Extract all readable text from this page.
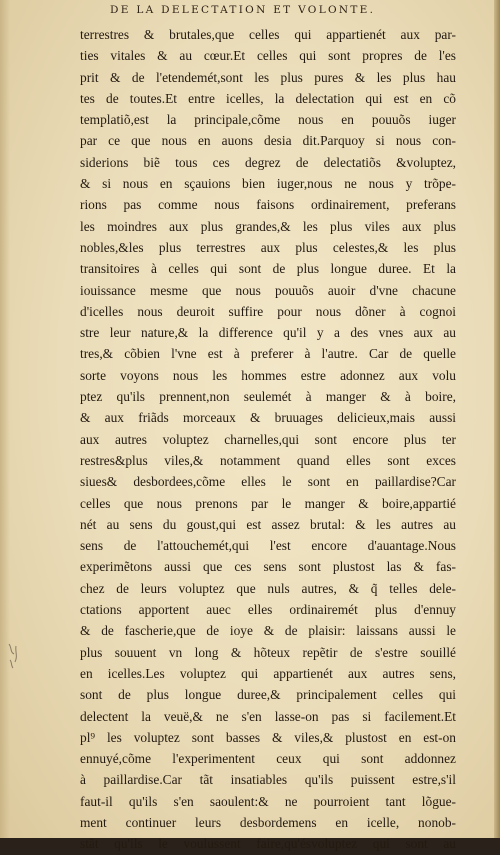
DE LA DELECTATION ET VOLONTE.
terrestres & brutales,que celles qui appartienét aux par-
ties vitales & au cœur.Et celles qui sont propres de l'es
prit & de l'etendemét,sont les plus pures & les plus hau
tes de toutes.Et entre icelles, la delectation qui est en cõ
templatiõ,est la principale,cõme nous en pouuõs iuger
par ce que nous en auons desia dit.Parquoy si nous con-
siderions biẽ tous ces degrez de delectatiõs &voluptez,
& si nous en sçauions bien iuger,nous ne nous y trõpe-
rions pas comme nous faisons ordinairement, preferans
les moindres aux plus grandes,& les plus viles aux plus
nobles,&les plus terrestres aux plus celestes,& les plus
transitoires à celles qui sont de plus longue duree. Et la
iouissance mesme que nous pouuõs auoir d'vne chacune
d'icelles nous deuroit suffire pour nous dõner à cognoi
stre leur nature,& la difference qu'il y a des vnes aux au
tres,& cõbien l'vne est à preferer à l'autre. Car de quelle
sorte voyons nous les hommes estre adonnez aux volu
ptez qu'ils prennent,non seulemét à manger & à boire,
& aux friãds morceaux & bruuages delicieux,mais aussi
aux autres voluptez charnelles,qui sont encore plus ter
restres&plus viles,& notamment quand elles sont exces
siues& desbordees,cõme elles le sont en paillardise?Car
celles que nous prenons par le manger & boire,appartié
nét au sens du goust,qui est assez brutal: & les autres au
sens de l'attouchemét,qui l'est encore d'auantage.Nous
experimẽtons aussi que ces sens sont plustost las & fas-
chez de leurs voluptez que nuls autres, & q̃ telles dele-
ctations apportent auec elles ordinairemét plus d'ennuy
& de fascherie,que de ioye & de plaisir: laissans aussi le
plus souuent vn long & hõteux repẽtir de s'estre souillé
en icelles.Les voluptez qui appartienét aux autres sens,
sont de plus longue duree,& principalement celles qui
delectent la veuë,& ne s'en lasse-on pas si facilement.Et
pl⁹ les voluptez sont basses & viles,& plustost en est-on
ennuyé,cõme l'experimentent ceux qui sont addonnez
à paillardise.Car tãt insatiables qu'ils puissent estre,s'il
faut-il qu'ils s'en saoulent:& ne pourroient tant lõgue-
ment continuer leurs desbordemens en icelle, nonob-
stãt qu'ils le voulussent faire,qu'ésvoluptez qui sont au
